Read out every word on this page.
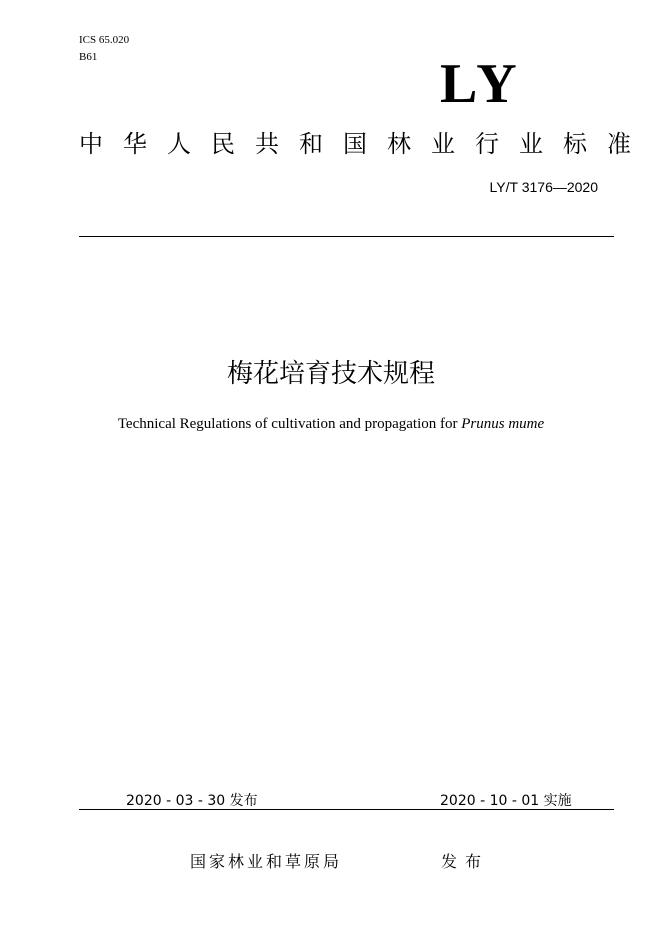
ICS 65.020
B61	LY
中华人民共和国林业行业标准
LY/T 3176—2020
梅花培育技术规程
Technical Regulations of cultivation and propagation for Prunus mume
2020 - 03 - 30 发布	2020 - 10 - 01 实施
国家林业和草原局	发布
